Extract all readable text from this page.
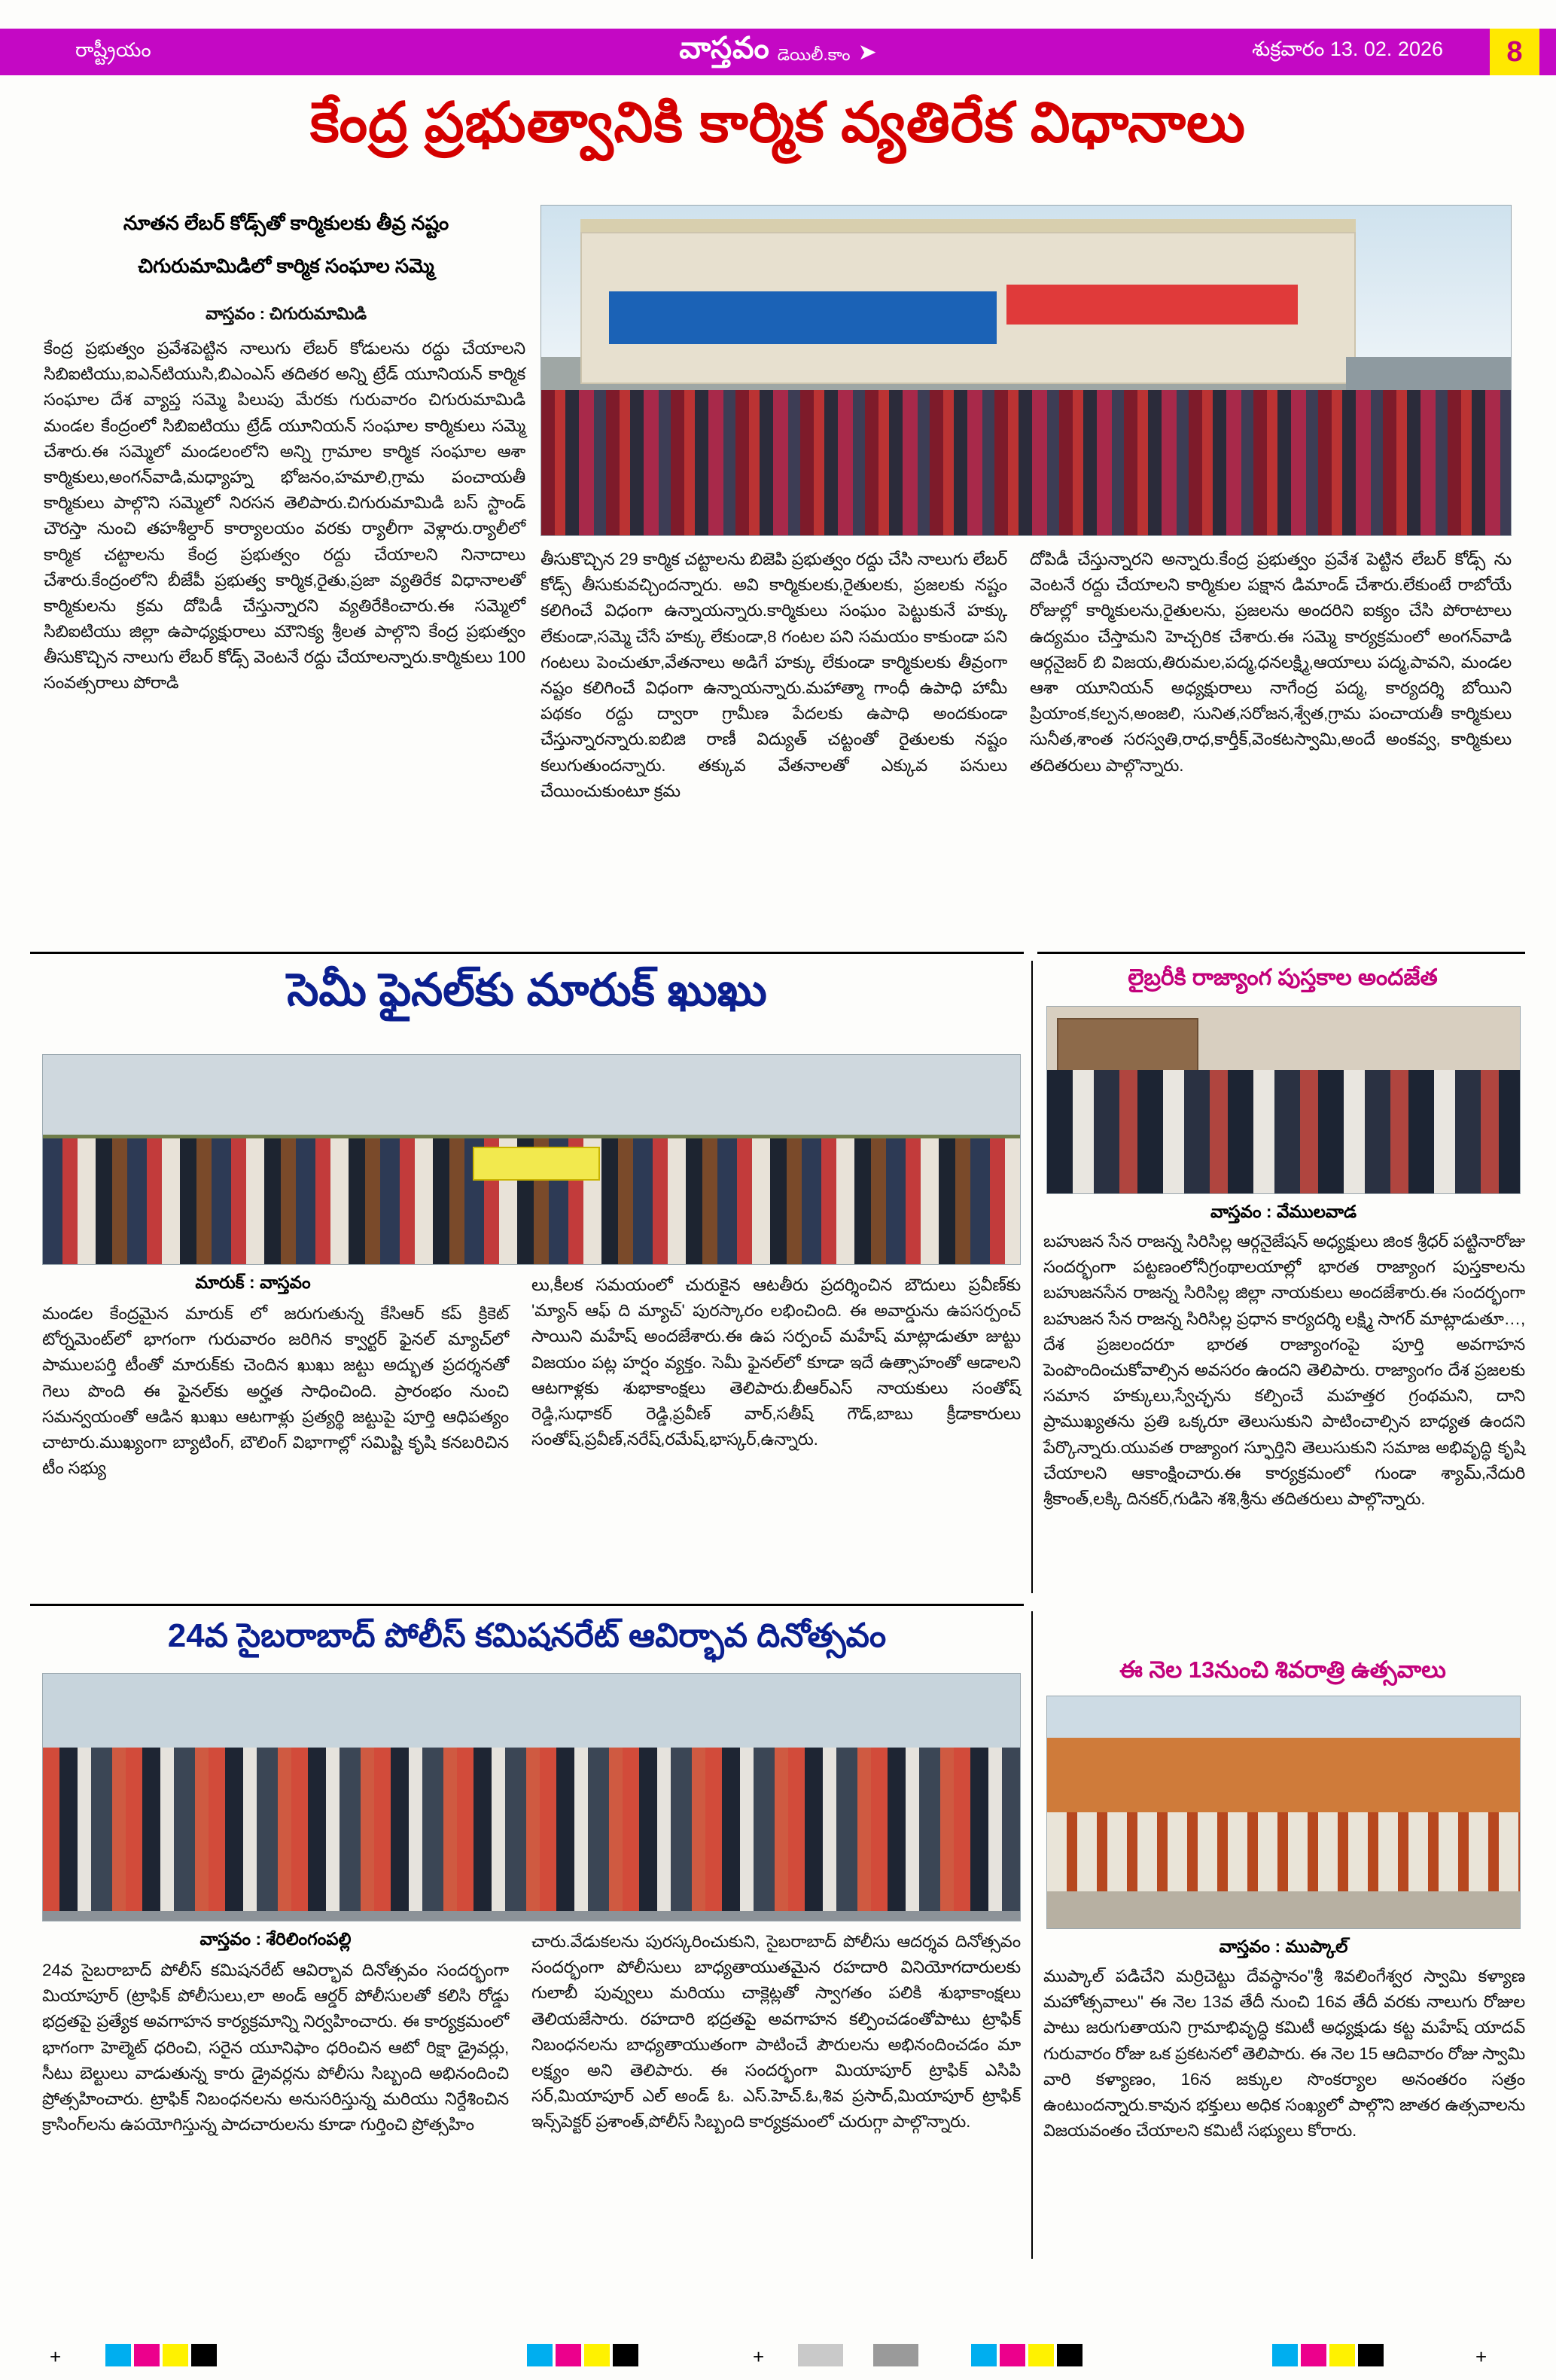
రాష్ట్రీయం	వాస్తవం డెయిలీ.కాం ➤	శుక్రవారం 13. 02. 2026	8
కేంద్ర ప్రభుత్వానికి కార్మిక వ్యతిరేక విధానాలు
నూతన లేబర్ కోడ్స్‌తో కార్మికులకు తీవ్ర నష్టం
చిగురుమామిడిలో కార్మిక సంఘాల సమ్మె
వాస్తవం : చిగురుమామిడి
కేంద్ర ప్రభుత్వం ప్రవేశపెట్టిన నాలుగు లేబర్ కోడులను రద్దు చేయాలని సిబిఐటియు,ఐఎన్‌టియుసి,బిఎంఎస్ తదితర అన్ని ట్రేడ్ యూనియన్ కార్మిక సంఘాల దేశ వ్యాప్త సమ్మె పిలుపు మేరకు గురువారం చిగురుమామిడి మండల కేంద్రంలో సిబిఐటియు ట్రేడ్ యూనియన్ సంఘాల కార్మికులు సమ్మె చేశారు.ఈ సమ్మెలో మండలంలోని అన్ని గ్రామాల కార్మిక సంఘాల ఆశా కార్మికులు,అంగన్‌వాడి,మధ్యాహ్న భోజనం,హమాలి,గ్రామ పంచాయతీ కార్మికులు పాల్గొని సమ్మెలో నిరసన తెలిపారు.చిగురుమామిడి బస్ స్టాండ్ చౌరస్తా నుంచి తహశీల్దార్ కార్యాలయం వరకు ర్యాలీగా వెళ్లారు.ర్యాలీలో కార్మిక చట్టాలను కేంద్ర ప్రభుత్వం రద్దు చేయాలని నినాదాలు చేశారు.కేంద్రంలోని బీజేపీ ప్రభుత్వ కార్మిక,రైతు,ప్రజా వ్యతిరేక విధానాలతో కార్మికులను క్రమ దోపిడీ చేస్తున్నారని వ్యతిరేకించారు.ఈ సమ్మెలో సిబిఐటియు జిల్లా ఉపాధ్యక్షురాలు మౌనిక్య శ్రీలత పాల్గొని కేంద్ర ప్రభుత్వం తీసుకొచ్చిన నాలుగు లేబర్ కోడ్స్ వెంటనే రద్దు చేయాలన్నారు.కార్మికులు 100 సంవత్సరాలు పోరాడి
తీసుకొచ్చిన 29 కార్మిక చట్టాలను బిజెపి ప్రభుత్వం రద్దు చేసి నాలుగు లేబర్ కోడ్స్ తీసుకువచ్చిందన్నారు. అవి కార్మికులకు,రైతులకు, ప్రజలకు నష్టం కలిగించే విధంగా ఉన్నాయన్నారు.కార్మికులు సంఘం పెట్టుకునే హక్కు లేకుండా,సమ్మె చేసే హక్కు లేకుండా,8 గంటల పని సమయం కాకుండా పని గంటలు పెంచుతూ,వేతనాలు అడిగే హక్కు లేకుండా కార్మికులకు తీవ్రంగా నష్టం కలిగించే విధంగా ఉన్నాయన్నారు.మహాత్మా గాంధీ ఉపాధి హామీ పథకం రద్దు ద్వారా గ్రామీణ పేదలకు ఉపాధి అందకుండా చేస్తున్నారన్నారు.ఐబిజి రాణీ విద్యుత్ చట్టంతో రైతులకు నష్టం కలుగుతుందన్నారు. తక్కువ వేతనాలతో ఎక్కువ పనులు చేయించుకుంటూ క్రమ
దోపిడీ చేస్తున్నారని అన్నారు.కేంద్ర ప్రభుత్వం ప్రవేశ పెట్టిన లేబర్ కోడ్స్ ను వెంటనే రద్దు చేయాలని కార్మికుల పక్షాన డిమాండ్ చేశారు.లేకుంటే రాబోయే రోజుల్లో కార్మికులను,రైతులను, ప్రజలను అందరిని ఐక్యం చేసి పోరాటాలు ఉద్యమం చేస్తామని హెచ్చరిక చేశారు.ఈ సమ్మె కార్యక్రమంలో అంగన్‌వాడి ఆర్గనైజర్ బి విజయ,తిరుమల,పద్మ,ధనలక్ష్మి,ఆయాలు పద్మ,పావని, మండల ఆశా యూనియన్ అధ్యక్షురాలు నాగేంద్ర పద్మ, కార్యదర్శి బోయిని ప్రియాంక,కల్పన,అంజలి, సునిత,సరోజన,శ్వేత,గ్రామ పంచాయతీ కార్మికులు సునీత,శాంత సరస్వతి,రాధ,కార్తీక్,వెంకటస్వామి,అందే అంకవ్వ, కార్మికులు తదితరులు పాల్గొన్నారు.
సెమీ ఫైనల్‌కు మారుక్ ఖుఖు
మారుక్ : వాస్తవం
మండల కేంద్రమైన మారుక్ లో జరుగుతున్న కేసిఆర్ కప్ క్రికెట్ టోర్నమెంట్‌లో భాగంగా గురువారం జరిగిన క్వార్టర్ ఫైనల్ మ్యాచ్‌లో పాములపర్తి టీంతో మారుక్‌కు చెందిన ఖుఖు జట్టు అద్భుత ప్రదర్శనతో గెలు పొంది ఈ ఫైనల్‌కు అర్హత సాధించింది. ప్రారంభం నుంచి సమన్వయంతో ఆడిన ఖుఖు ఆటగాళ్లు ప్రత్యర్థి జట్టుపై పూర్తి ఆధిపత్యం చాటారు.ముఖ్యంగా బ్యాటింగ్, బౌలింగ్ విభాగాల్లో సమిష్టి కృషి కనబరిచిన టీం సభ్యు
లు,కీలక సమయంలో చురుకైన ఆటతీరు ప్రదర్శించిన బౌదులు ప్రవీణ్‌కు 'మ్యాన్ ఆఫ్ ది మ్యాచ్' పురస్కారం లభించింది. ఈ అవార్డును ఉపసర్పంచ్ సాయిని మహేష్ అందజేశారు.ఈ ఉప సర్పంచ్ మహేష్ మాట్లాడుతూ జుట్టు విజయం పట్ల హర్షం వ్యక్తం. సెమీ ఫైనల్‌లో కూడా ఇదే ఉత్సాహంతో ఆడాలని ఆటగాళ్లకు శుభాకాంక్షలు తెలిపారు.బీఆర్ఎస్ నాయకులు సంతోష్ రెడ్డి,సుధాకర్ రెడ్డి,ప్రవీణ్ వార్,సతీష్ గౌడ్,బాబు క్రీడాకారులు సంతోష్,ప్రవీణ్,నరేష్,రమేష్,భాస్కర్,ఉన్నారు.
లైబ్రరీకి రాజ్యాంగ పుస్తకాల అందజేత
వాస్తవం : వేములవాడ
బహుజన సేన రాజన్న సిరిసిల్ల ఆర్గనైజేషన్ అధ్యక్షులు జింక శ్రీధర్ పట్టినారోజు సందర్భంగా పట్టణంలోనీగ్రంథాలయాల్లో భారత రాజ్యాంగ పుస్తకాలను బహుజనసేన రాజన్న సిరిసిల్ల జిల్లా నాయకులు అందజేశారు.ఈ సందర్భంగా బహుజన సేన రాజన్న సిరిసిల్ల ప్రధాన కార్యదర్శి లక్ష్మి సాగర్ మాట్లాడుతూ…, దేశ ప్రజలందరూ భారత రాజ్యాంగంపై పూర్తి అవగాహన పెంపొందించుకోవాల్సిన అవసరం ఉందని తెలిపారు. రాజ్యాంగం దేశ ప్రజలకు సమాన హక్కులు,స్వేచ్ఛను కల్పించే మహత్తర గ్రంథమని, దాని ప్రాముఖ్యతను ప్రతి ఒక్కరూ తెలుసుకుని పాటించాల్సిన బాధ్యత ఉందని పేర్కొన్నారు.యువత రాజ్యాంగ స్ఫూర్తిని తెలుసుకుని సమాజ అభివృద్ధి కృషి చేయాలని ఆకాంక్షించారు.ఈ కార్యక్రమంలో గుండా శ్యామ్,నేదురి శ్రీకాంత్,లక్కి దినకర్,గుడిసె శశి,శ్రీను తదితరులు పాల్గొన్నారు.
ఈ నెల 13నుంచి శివరాత్రి ఉత్సవాలు
వాస్తవం : ముప్కాల్
ముప్కాల్ పడిచేని మర్రిచెట్టు దేవస్థానం"శ్రీ శివలింగేశ్వర స్వామి కళ్యాణ మహోత్సవాలు" ఈ నెల 13వ తేదీ నుంచి 16వ తేదీ వరకు నాలుగు రోజుల పాటు జరుగుతాయని గ్రామాభివృద్ధి కమిటీ అధ్యక్షుడు కట్ట మహేష్ యాదవ్ గురువారం రోజు ఒక ప్రకటనలో తెలిపారు. ఈ నెల 15 ఆదివారం రోజు స్వామి వారి కళ్యాణం, 16న జక్కుల సొంకర్యాల అనంతరం సత్రం ఉంటుందన్నారు.కావున భక్తులు అధిక సంఖ్యలో పాల్గొని జాతర ఉత్సవాలను విజయవంతం చేయాలని కమిటీ సభ్యులు కోరారు.
24వ సైబరాబాద్ పోలీస్ కమిషనరేట్ ఆవిర్భావ దినోత్సవం
వాస్తవం : శేరిలింగంపల్లి
24వ సైబరాబాద్ పోలీస్ కమిషనరేట్ ఆవిర్భావ దినోత్సవం సందర్భంగా మియాపూర్ (ట్రాఫిక్ పోలీసులు,లా అండ్ ఆర్డర్ పోలీసులతో కలిసి రోడ్డు భద్రతపై ప్రత్యేక అవగాహన కార్యక్రమాన్ని నిర్వహించారు. ఈ కార్యక్రమంలో భాగంగా హెల్మెట్ ధరించి, సరైన యూనిఫాం ధరించిన ఆటో రిక్షా డ్రైవర్లు, సీటు బెల్టులు వాడుతున్న కారు డ్రైవర్లను పోలీసు సిబ్బంది అభినందించి ప్రోత్సహించారు. ట్రాఫిక్ నిబంధనలను అనుసరిస్తున్న మరియు నిర్దేశించిన క్రాసింగ్‌లను ఉపయోగిస్తున్న పాదచారులను కూడా గుర్తించి ప్రోత్సహిం
చారు.వేడుకలను పురస్కరించుకుని, సైబరాబాద్ పోలీసు ఆదర్శవ దినోత్సవం సందర్భంగా పోలీసులు బాధ్యతాయుతమైన రహదారి వినియోగదారులకు గులాబీ పువ్వులు మరియు చాక్లెట్లతో స్వాగతం పలికి శుభాకాంక్షలు తెలియజేసారు. రహదారి భద్రతపై అవగాహన కల్పించడంతోపాటు ట్రాఫిక్ నిబంధనలను బాధ్యతాయుతంగా పాటించే పౌరులను అభినందించడం మా లక్ష్యం అని తెలిపారు. ఈ సందర్భంగా మియాపూర్ ట్రాఫిక్ ఎసిపి సర్,మియాపూర్ ఎల్ అండ్ ఓ. ఎస్.హెచ్.ఓ,శివ ప్రసాద్,మియాపూర్ ట్రాఫిక్ ఇన్స్‌పెక్టర్ ప్రశాంత్,పోలీస్ సిబ్బంది కార్యక్రమంలో చురుగ్గా పాల్గొన్నారు.
+	+	+
